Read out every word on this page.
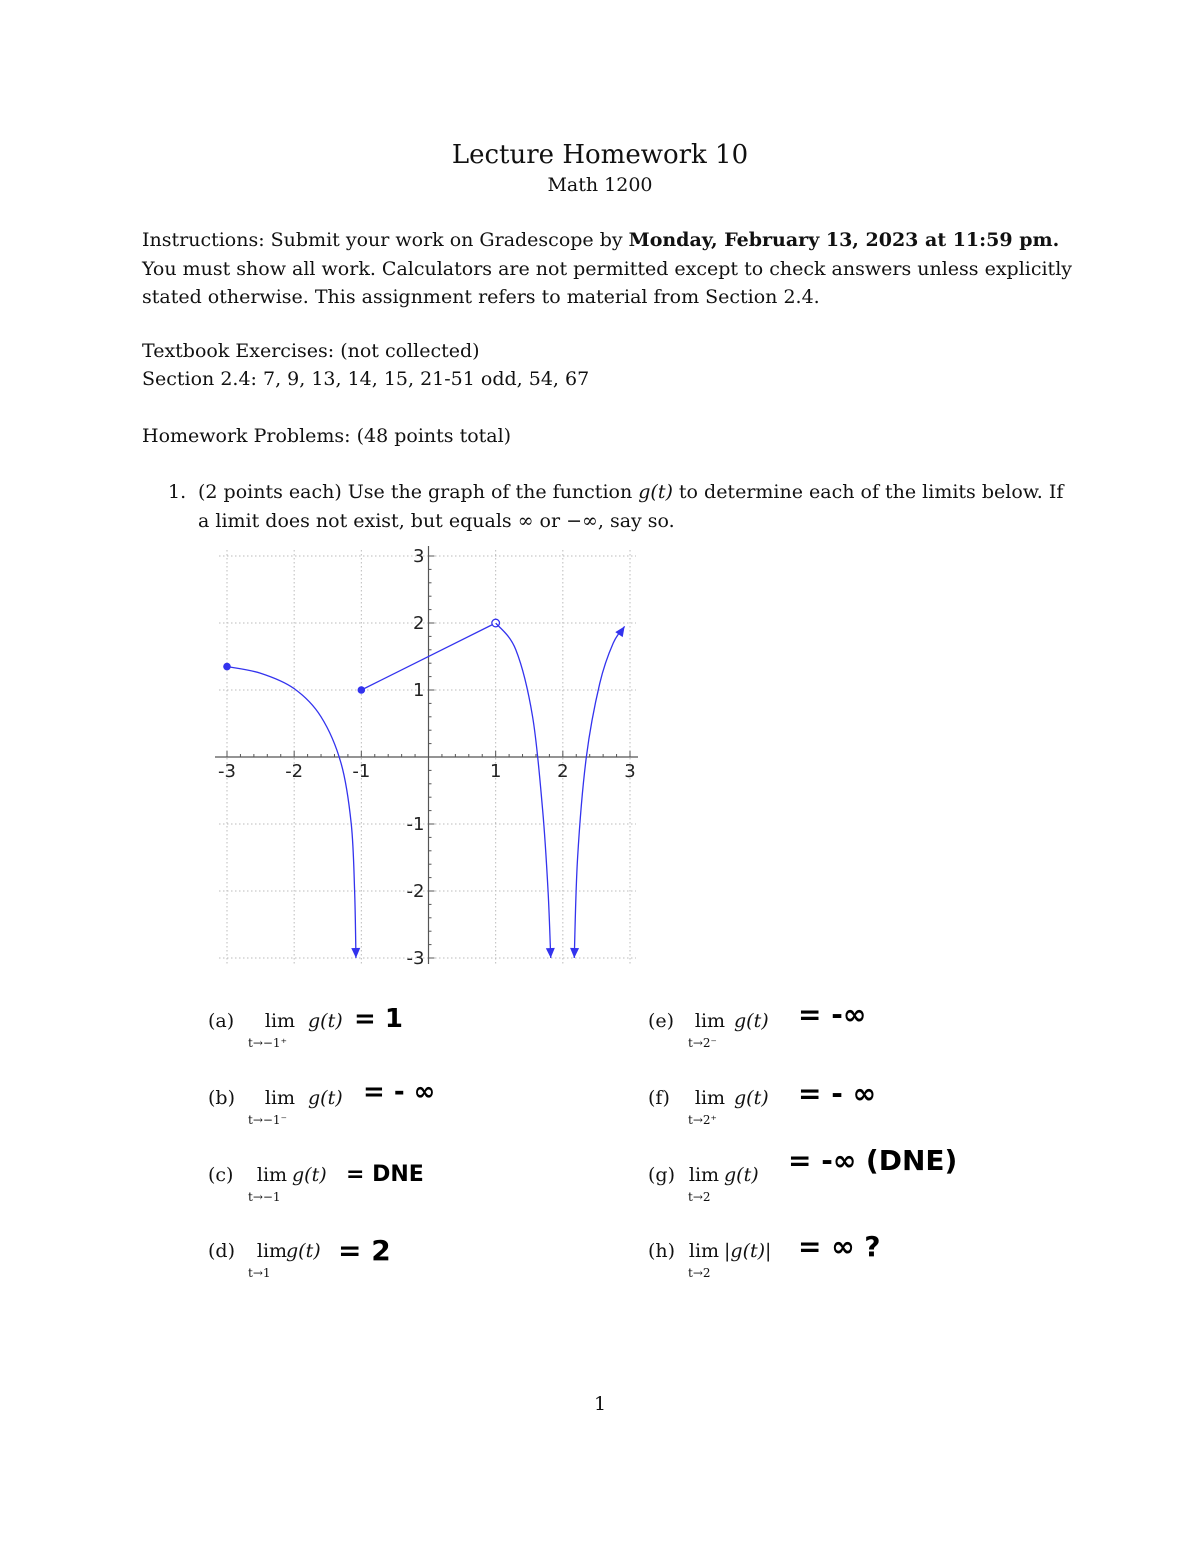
Lecture Homework 10
Math 1200
Instructions: Submit your work on Gradescope by Monday, February 13, 2023 at 11:59 pm. You must show all work. Calculators are not permitted except to check answers unless explicitly stated otherwise. This assignment refers to material from Section 2.4.
Textbook Exercises: (not collected)
Section 2.4: 7, 9, 13, 14, 15, 21-51 odd, 54, 67
Homework Problems: (48 points total)
1. (2 points each) Use the graph of the function g(t) to determine each of the limits below. If a limit does not exist, but equals ∞ or −∞, say so.
-3	-2	-1	1	2	3
3
2
1
-1
-2
-3
(a) lim
t→−1⁺
g(t) = 1
(b) lim
t→−1⁻
g(t) = - ∞
(c) lim
t→−1
g(t) = DNE
(d) lim
t→1
g(t) = 2
(e) lim
t→2⁻
g(t) = -∞
(f) lim
t→2⁺
g(t) = - ∞
(g) lim
t→2
g(t) = -∞ (DNE)
(h) lim
t→2
|g(t)| = ∞ ?
1
